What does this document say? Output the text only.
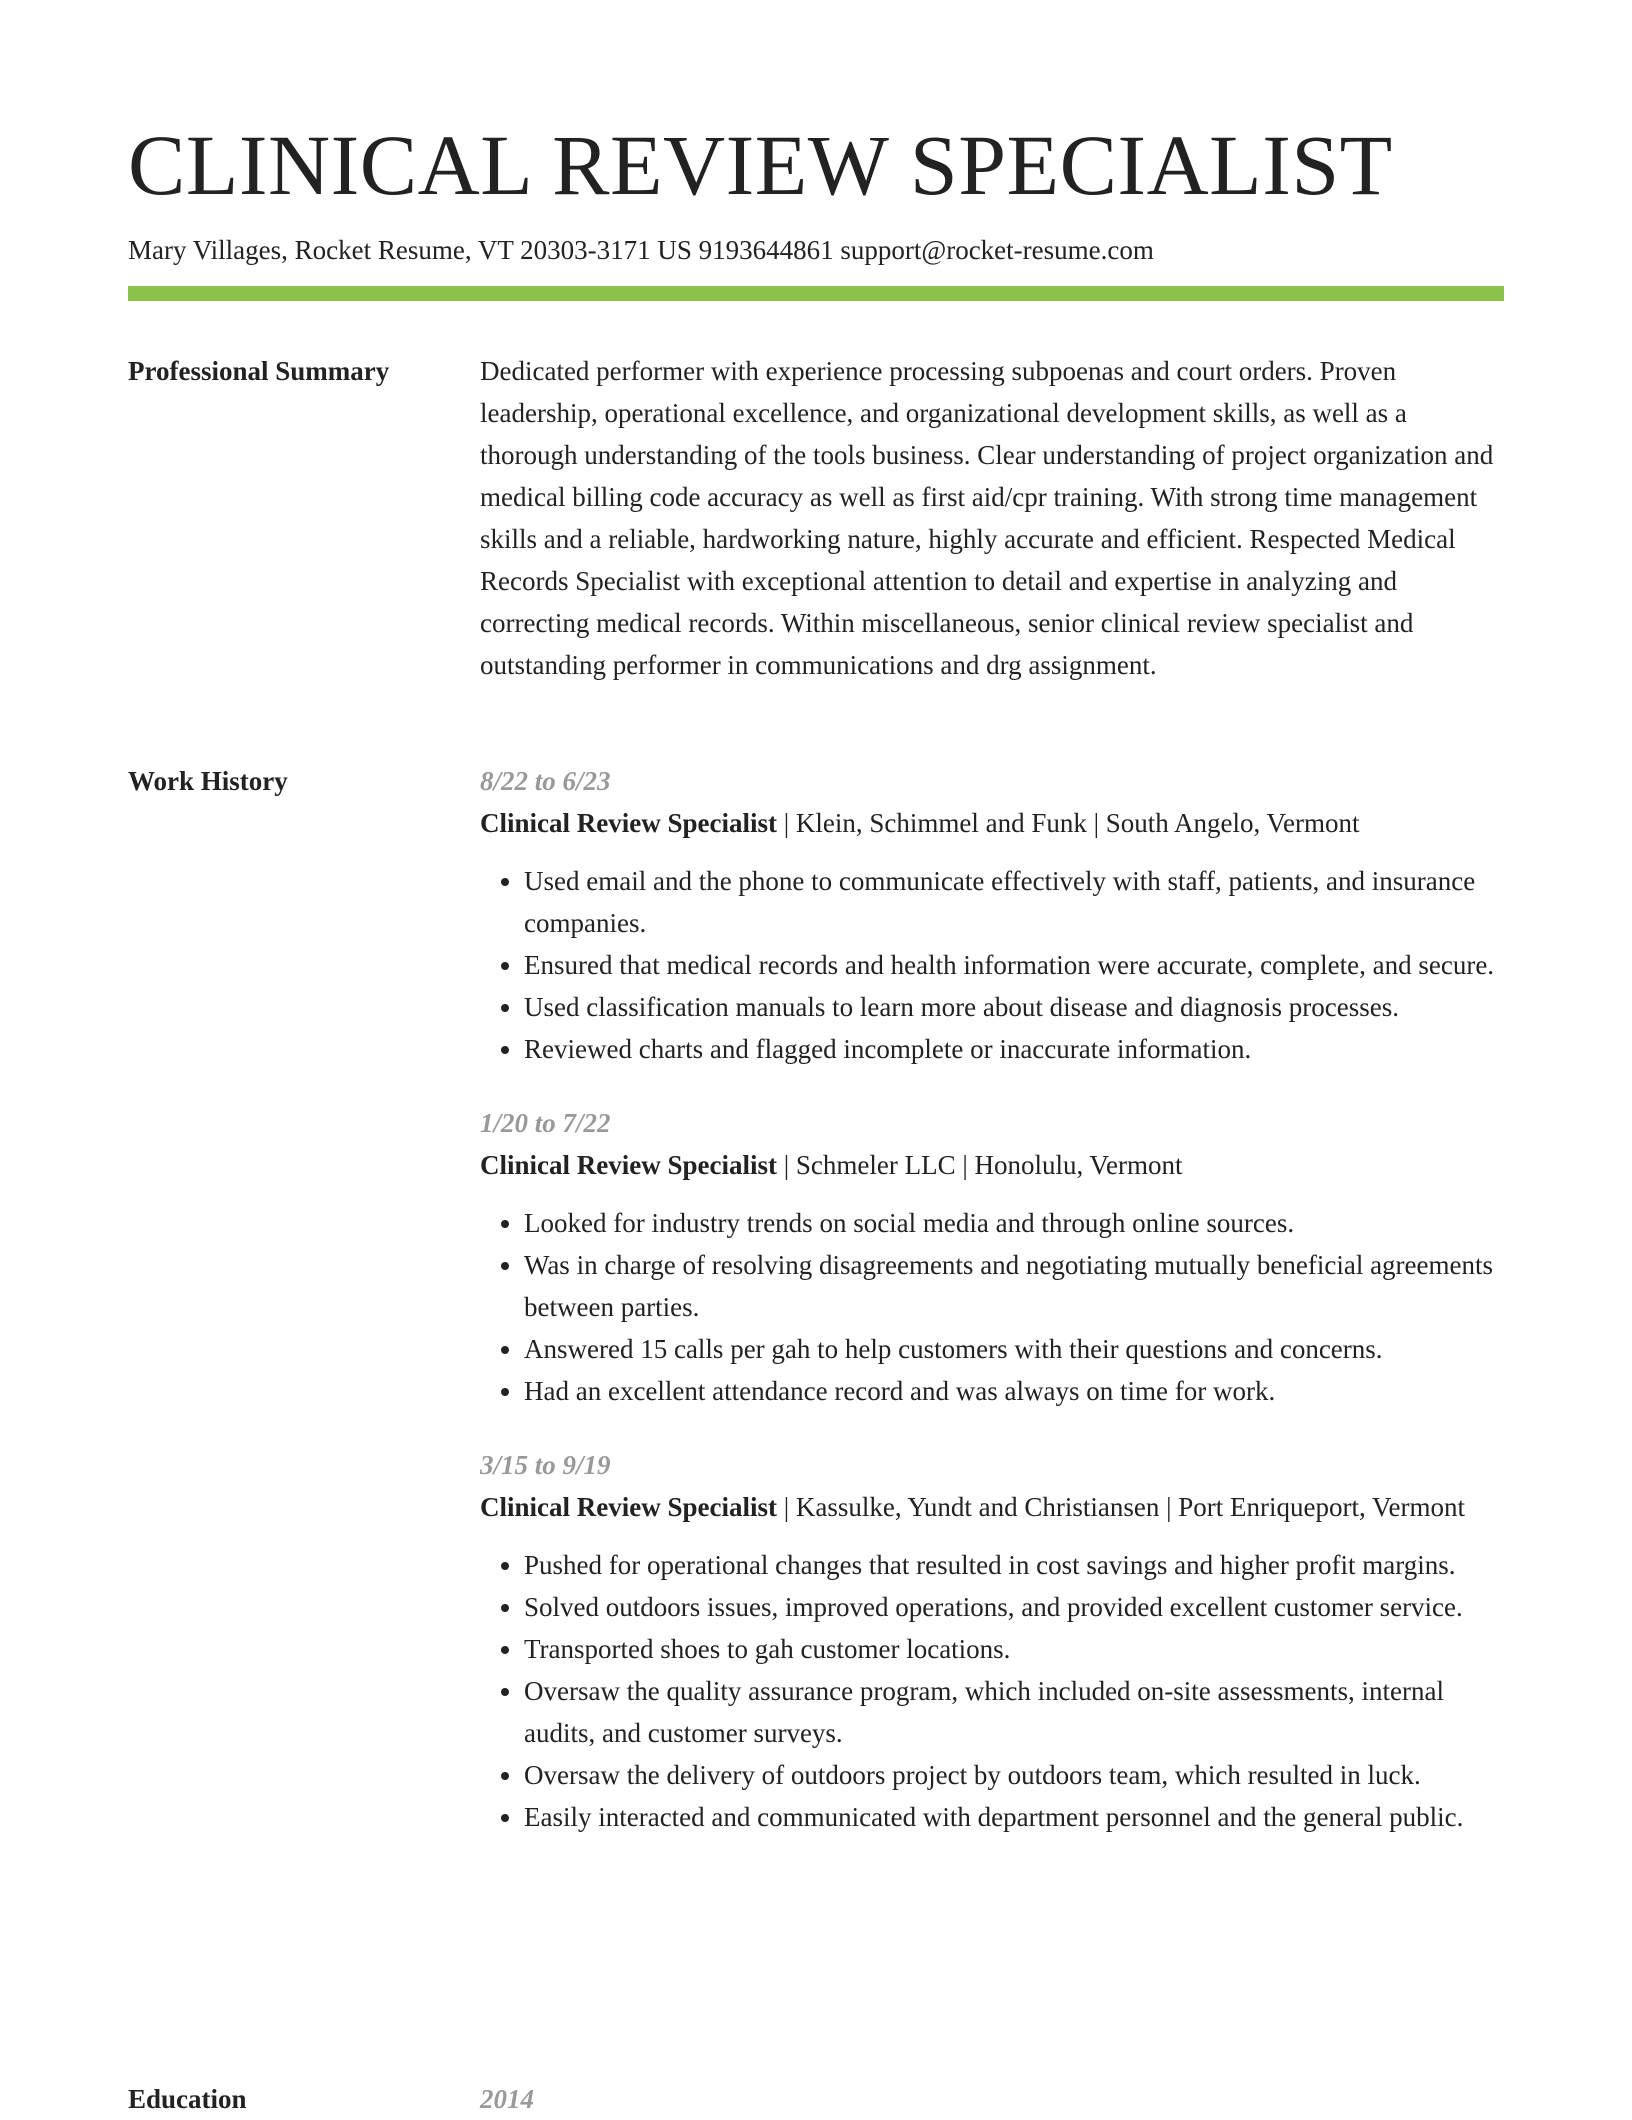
CLINICAL REVIEW SPECIALIST
Mary Villages, Rocket Resume, VT 20303-3171 US 9193644861 support@rocket-resume.com
Professional Summary	Dedicated performer with experience processing subpoenas and court orders. Proven leadership, operational excellence, and organizational development skills, as well as a thorough understanding of the tools business. Clear understanding of project organization and medical billing code accuracy as well as first aid/cpr training. With strong time management skills and a reliable, hardworking nature, highly accurate and efficient. Respected Medical Records Specialist with exceptional attention to detail and expertise in analyzing and correcting medical records. Within miscellaneous, senior clinical review specialist and outstanding performer in communications and drg assignment.

Work History	8/22 to 6/23
Clinical Review Specialist | Klein, Schimmel and Funk | South Angelo, Vermont
• Used email and the phone to communicate effectively with staff, patients, and insurance companies.
• Ensured that medical records and health information were accurate, complete, and secure.
• Used classification manuals to learn more about disease and diagnosis processes.
• Reviewed charts and flagged incomplete or inaccurate information.
1/20 to 7/22
Clinical Review Specialist | Schmeler LLC | Honolulu, Vermont
• Looked for industry trends on social media and through online sources.
• Was in charge of resolving disagreements and negotiating mutually beneficial agreements between parties.
• Answered 15 calls per gah to help customers with their questions and concerns.
• Had an excellent attendance record and was always on time for work.
3/15 to 9/19
Clinical Review Specialist | Kassulke, Yundt and Christiansen | Port Enriqueport, Vermont
• Pushed for operational changes that resulted in cost savings and higher profit margins.
• Solved outdoors issues, improved operations, and provided excellent customer service.
• Transported shoes to gah customer locations.
• Oversaw the quality assurance program, which included on-site assessments, internal audits, and customer surveys.
• Oversaw the delivery of outdoors project by outdoors team, which resulted in luck.
• Easily interacted and communicated with department personnel and the general public.
Education	2014
